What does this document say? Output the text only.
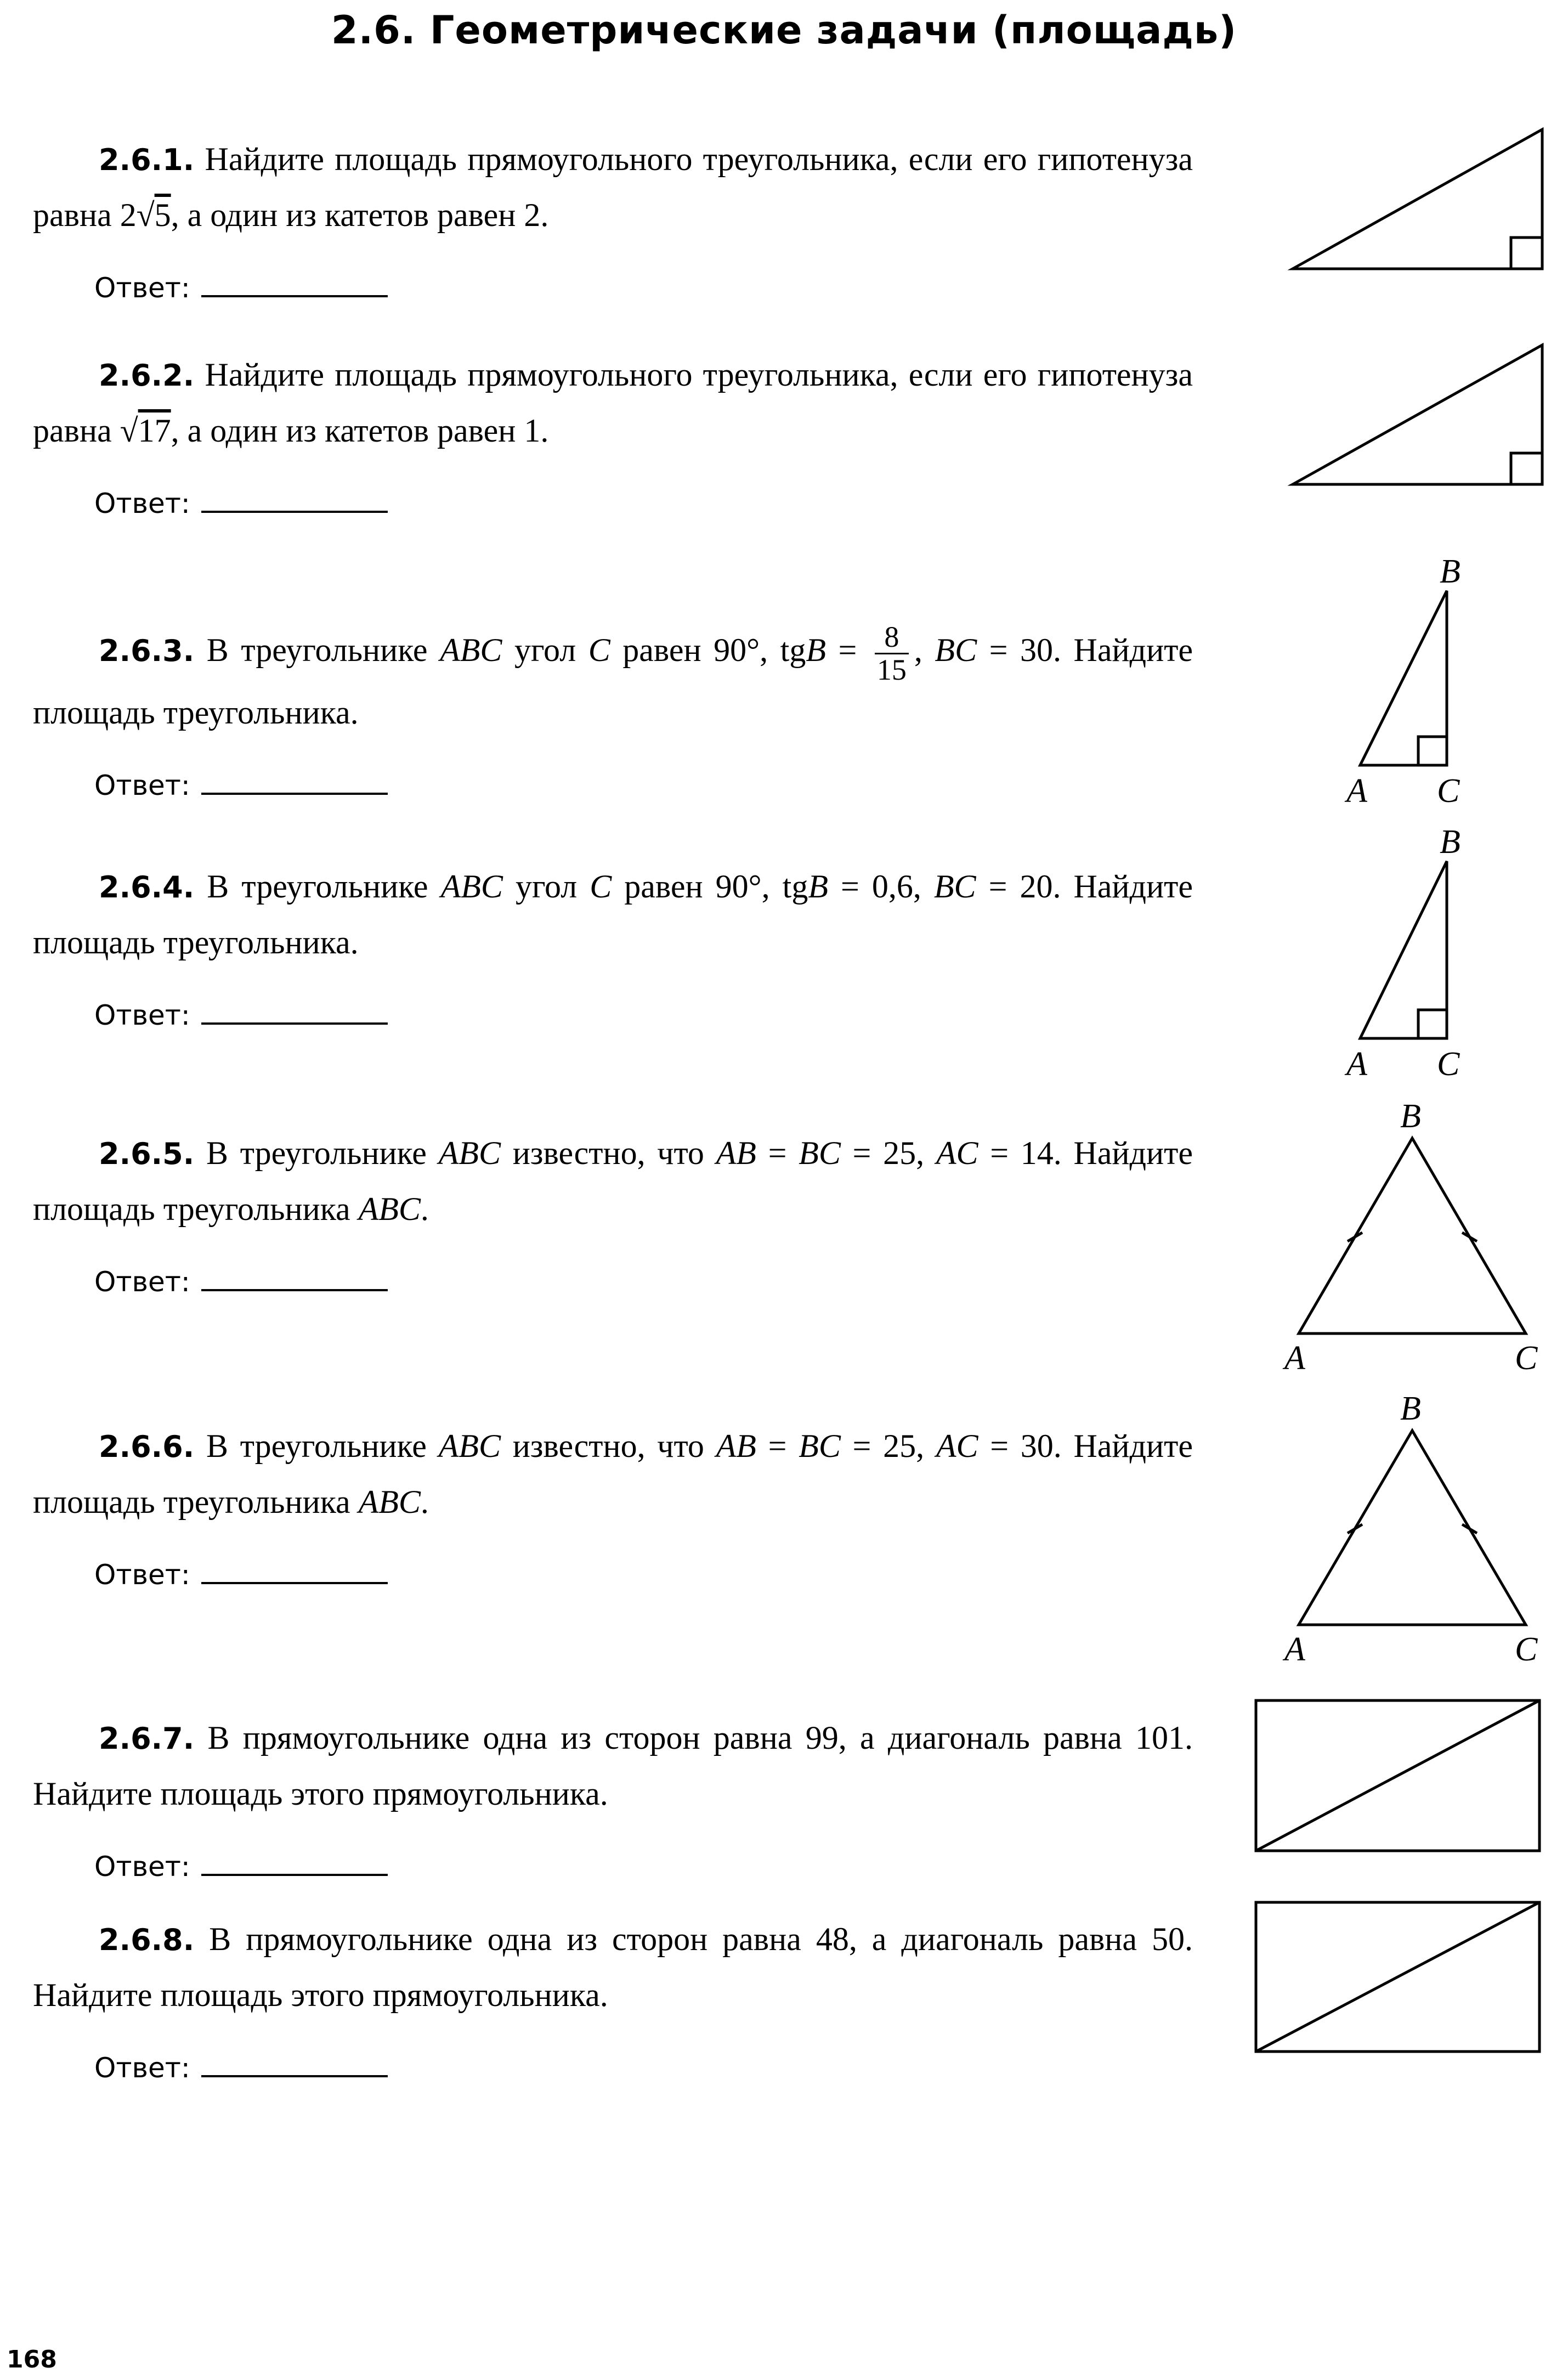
2.6. Геометрические задачи (площадь)
2.6.1. Найдите площадь прямоугольного треугольника, если его гипотенуза равна 2√5, а один из катетов равен 2.
Ответ:
2.6.2. Найдите площадь прямоугольного треугольника, если его гипотенуза равна √17, а один из катетов равен 1.
Ответ:
2.6.3. В треугольнике ABC угол C равен 90°, tgB = $\frac{8}{15}$ , BC = 30. Найдите площадь треугольника.
Ответ:
2.6.4. В треугольнике ABC угол C равен 90°, tgB = 0,6, BC = 20. Найдите площадь треугольника.
Ответ:
2.6.5. В треугольнике ABC известно, что AB = BC = 25, AC = 14. Найдите площадь треугольника ABC.
Ответ:
2.6.6. В треугольнике ABC известно, что AB = BC = 25, AC = 30. Найдите площадь треугольника ABC.
Ответ:
2.6.7. В прямоугольнике одна из сторон равна 99, а диагональ равна 101. Найдите площадь этого прямоугольника.
Ответ:
2.6.8. В прямоугольнике одна из сторон равна 48, а диагональ равна 50. Найдите площадь этого прямоугольника.
Ответ:
B
A C
B
A C
B
A	C
B
A	C
168
